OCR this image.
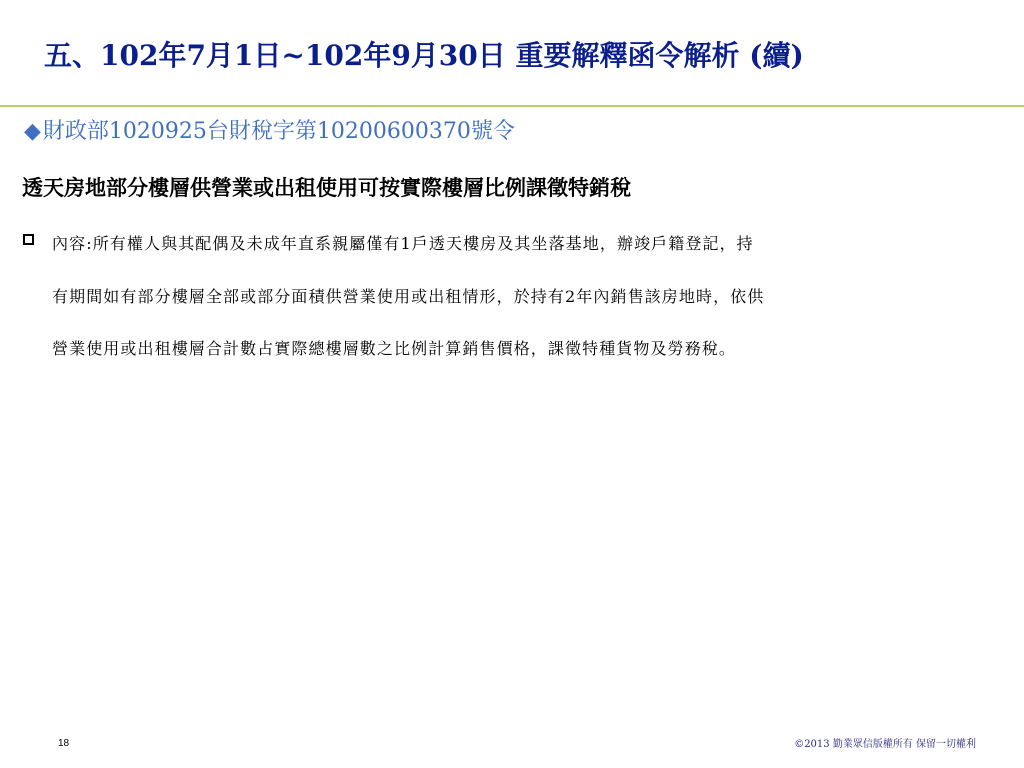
五、102年7月1日~102年9月30日 重要解釋函令解析 (續)
◆財政部1020925台財稅字第10200600370號令
透天房地部分樓層供營業或出租使用可按實際樓層比例課徵特銷稅
內容:所有權人與其配偶及未成年直系親屬僅有1戶透天樓房及其坐落基地，辦竣戶籍登記，持
有期間如有部分樓層全部或部分面積供營業使用或出租情形，於持有2年內銷售該房地時，依供
營業使用或出租樓層合計數占實際總樓層數之比例計算銷售價格，課徵特種貨物及勞務稅。
18	©2013 勤業眾信版權所有 保留一切權利
